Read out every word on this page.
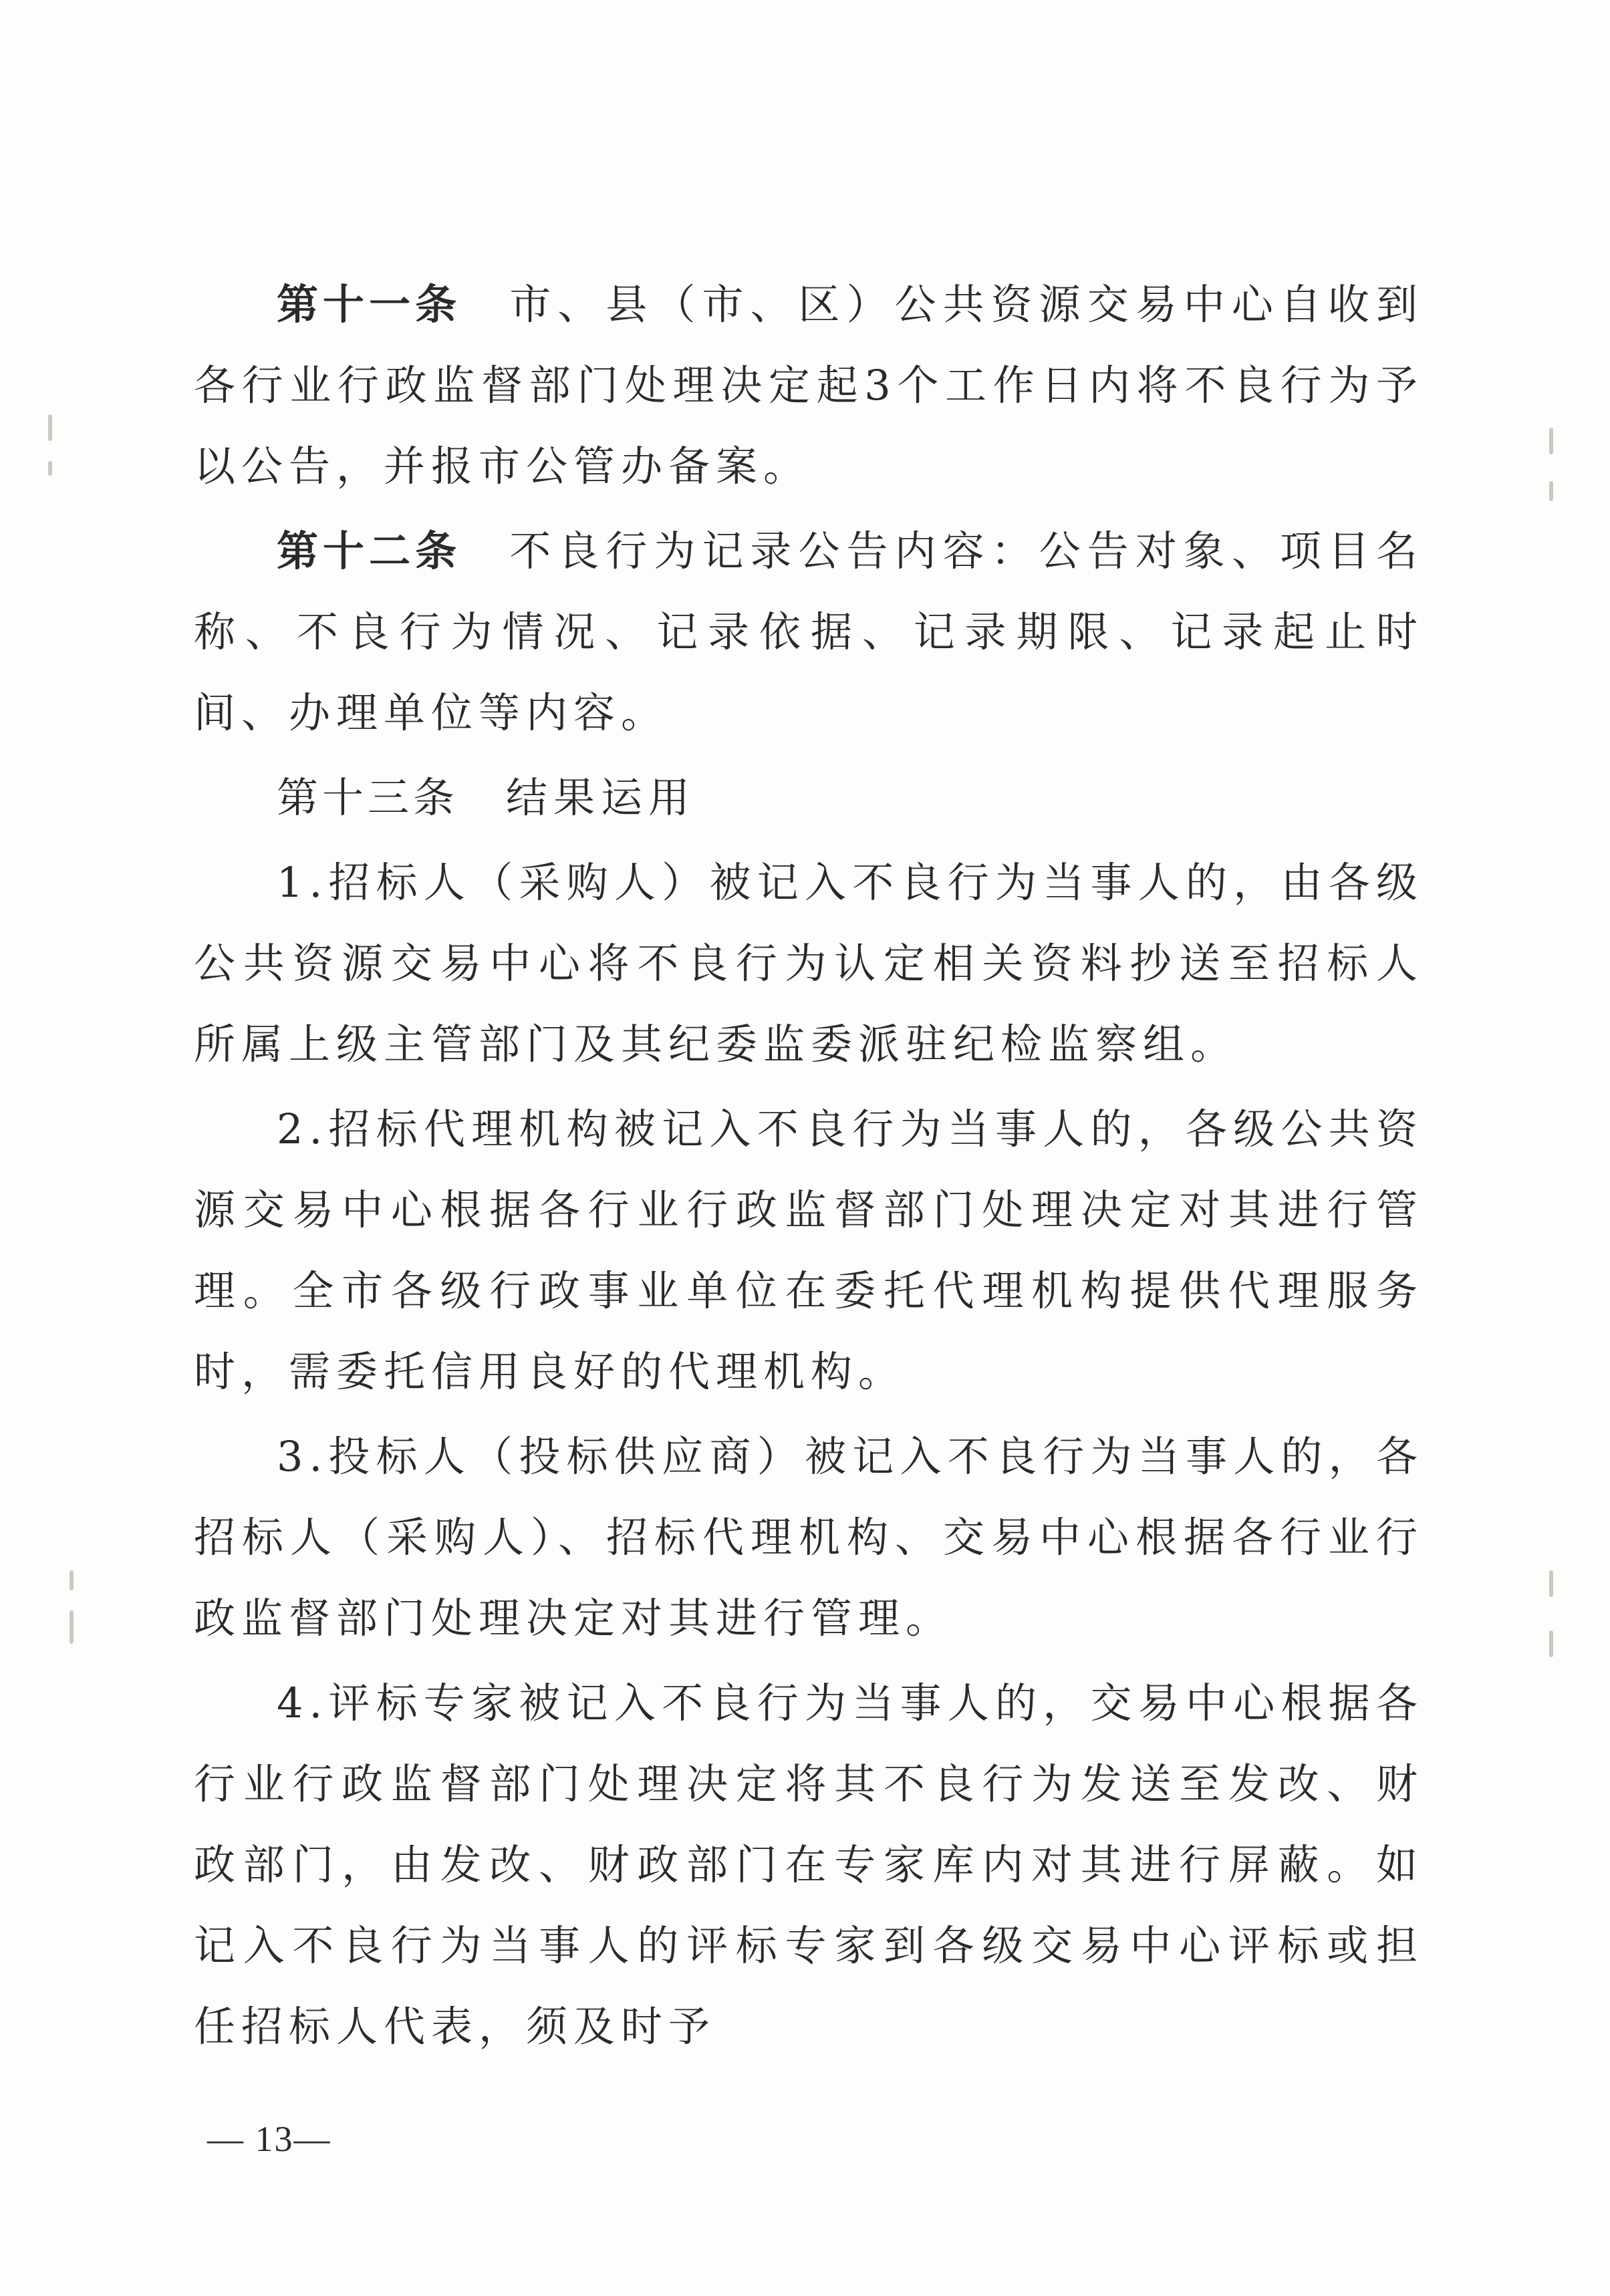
第十一条  市、县（市、区）公共资源交易中心自收到各行业行政监督部门处理决定起3个工作日内将不良行为予以公告，并报市公管办备案。

第十二条  不良行为记录公告内容：公告对象、项目名称、不良行为情况、记录依据、记录期限、记录起止时间、办理单位等内容。

第十三条  结果运用

1.招标人（采购人）被记入不良行为当事人的，由各级公共资源交易中心将不良行为认定相关资料抄送至招标人所属上级主管部门及其纪委监委派驻纪检监察组。

2.招标代理机构被记入不良行为当事人的，各级公共资源交易中心根据各行业行政监督部门处理决定对其进行管理。全市各级行政事业单位在委托代理机构提供代理服务时，需委托信用良好的代理机构。

3.投标人（投标供应商）被记入不良行为当事人的，各招标人（采购人）、招标代理机构、交易中心根据各行业行政监督部门处理决定对其进行管理。

4.评标专家被记入不良行为当事人的，交易中心根据各行业行政监督部门处理决定将其不良行为发送至发改、财政部门，由发改、财政部门在专家库内对其进行屏蔽。如记入不良行为当事人的评标专家到各级交易中心评标或担任招标人代表，须及时予

— 13—
